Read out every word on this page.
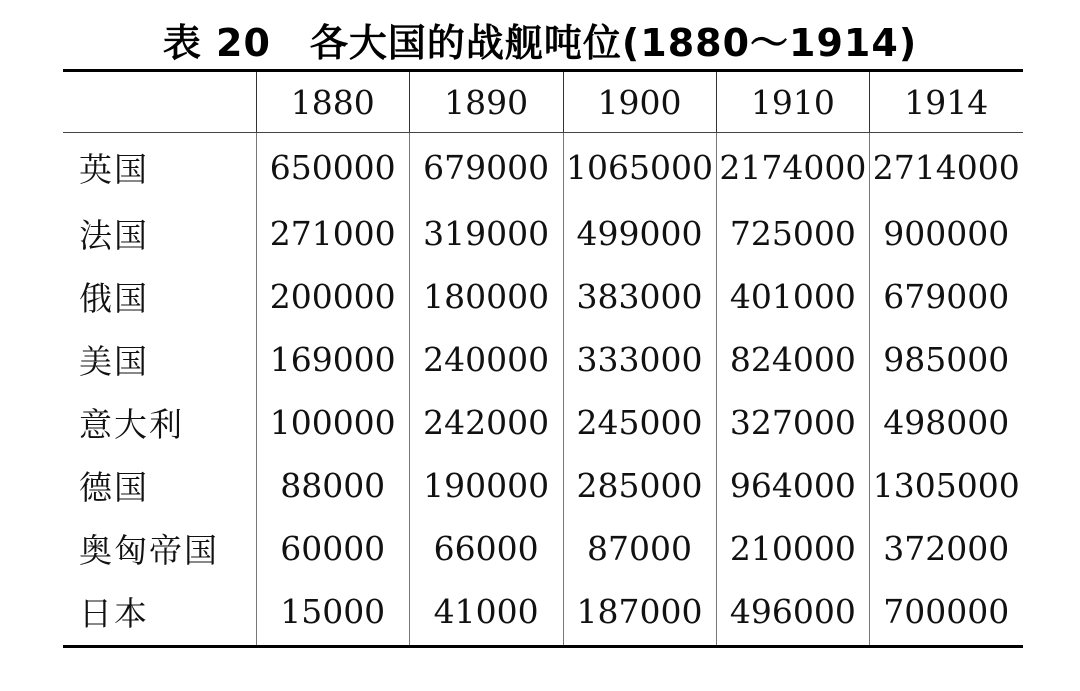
表 20　各大国的战舰吨位(1880～1914)
	1880	1890	1900	1910	1914
英国	650000	679000	1065000	2174000	2714000
法国	271000	319000	499000	725000	900000
俄国	200000	180000	383000	401000	679000
美国	169000	240000	333000	824000	985000
意大利	100000	242000	245000	327000	498000
德国	88000	190000	285000	964000	1305000
奥匈帝国	60000	66000	87000	210000	372000
日本	15000	41000	187000	496000	700000
